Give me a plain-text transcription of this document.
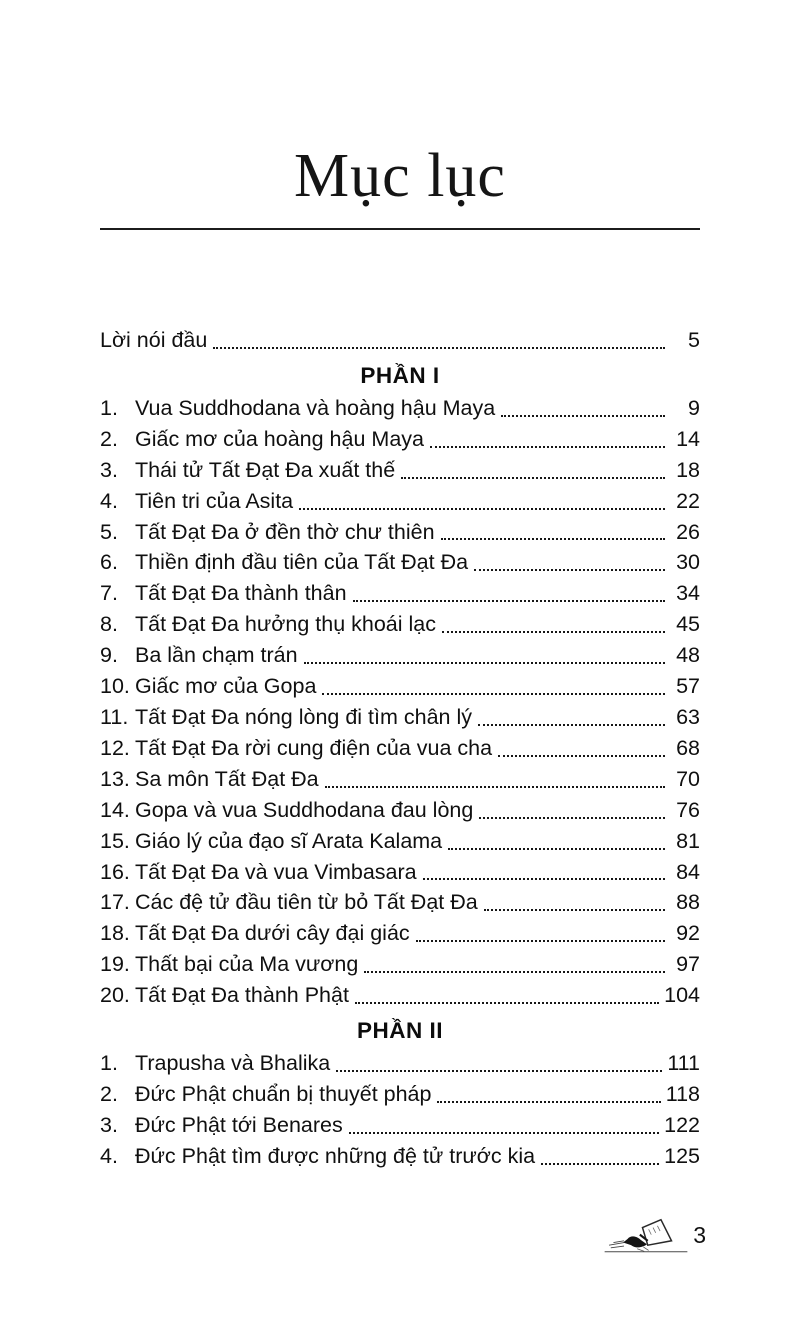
Mục lục
Lời nói đầu	5
PHẦN I
1. Vua Suddhodana và hoàng hậu Maya	9
2. Giấc mơ của hoàng hậu Maya	14
3. Thái tử Tất Đạt Đa xuất thế	18
4. Tiên tri của Asita	22
5. Tất Đạt Đa ở đền thờ chư thiên	26
6. Thiền định đầu tiên của Tất Đạt Đa	30
7. Tất Đạt Đa thành thân	34
8. Tất Đạt Đa hưởng thụ khoái lạc	45
9. Ba lần chạm trán	48
10. Giấc mơ của Gopa	57
11. Tất Đạt Đa nóng lòng đi tìm chân lý	63
12. Tất Đạt Đa rời cung điện của vua cha	68
13. Sa môn Tất Đạt Đa	70
14. Gopa và vua Suddhodana đau lòng	76
15. Giáo lý của đạo sĩ Arata Kalama	81
16. Tất Đạt Đa và vua Vimbasara	84
17. Các đệ tử đầu tiên từ bỏ Tất Đạt Đa	88
18. Tất Đạt Đa dưới cây đại giác	92
19. Thất bại của Ma vương	97
20. Tất Đạt Đa thành Phật	104
PHẦN II
1. Trapusha và Bhalika	111
2. Đức Phật chuẩn bị thuyết pháp	118
3. Đức Phật tới Benares	122
4. Đức Phật tìm được những đệ tử trước kia	125
3
